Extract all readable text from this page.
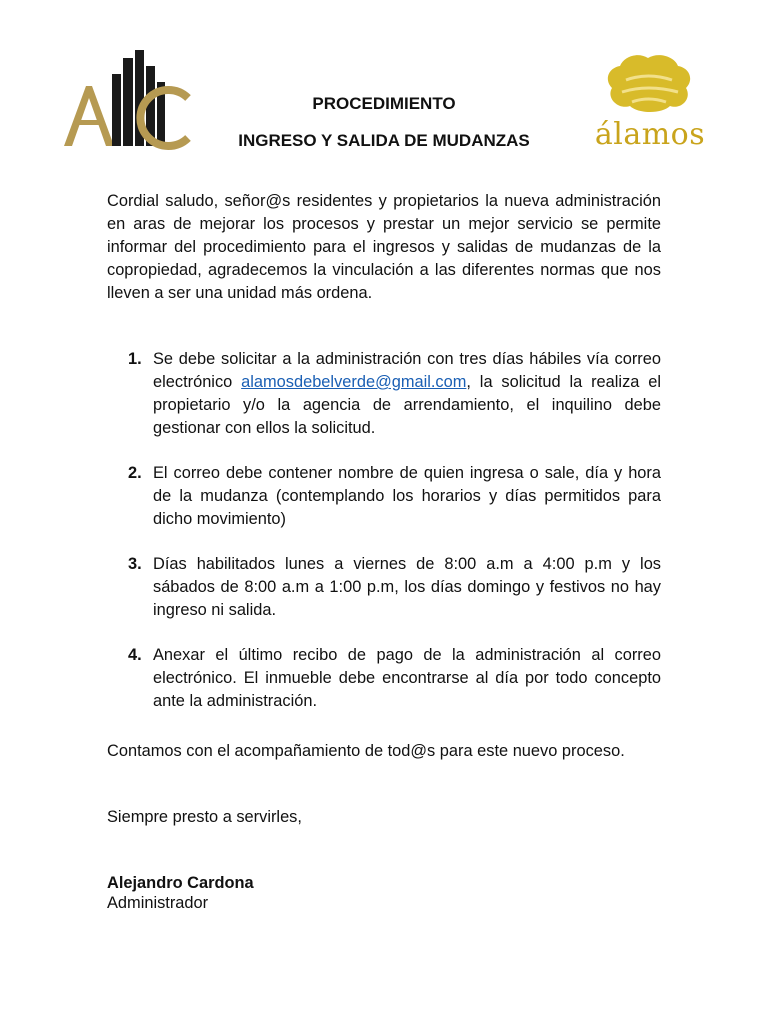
PROCEDIMIENTO
INGRESO Y SALIDA DE MUDANZAS	álamos

Cordial saludo, señor@s residentes y propietarios la nueva administración en aras de mejorar los procesos y prestar un mejor servicio se permite informar del procedimiento para el ingresos y salidas de mudanzas de la copropiedad, agradecemos la vinculación a las diferentes normas que nos lleven a ser una unidad más ordena.

1. Se debe solicitar a la administración con tres días hábiles vía correo electrónico alamosdebelverde@gmail.com, la solicitud la realiza el propietario y/o la agencia de arrendamiento, el inquilino debe gestionar con ellos la solicitud.
2. El correo debe contener nombre de quien ingresa o sale, día y hora de la mudanza (contemplando los horarios y días permitidos para dicho movimiento)
3. Días habilitados lunes a viernes de 8:00 a.m a 4:00 p.m y los sábados de 8:00 a.m a 1:00 p.m, los días domingo y festivos no hay ingreso ni salida.
4. Anexar el último recibo de pago de la administración al correo electrónico. El inmueble debe encontrarse al día por todo concepto ante la administración.

Contamos con el acompañamiento de tod@s para este nuevo proceso.

Siempre presto a servirles,

Alejandro Cardona

Administrador
